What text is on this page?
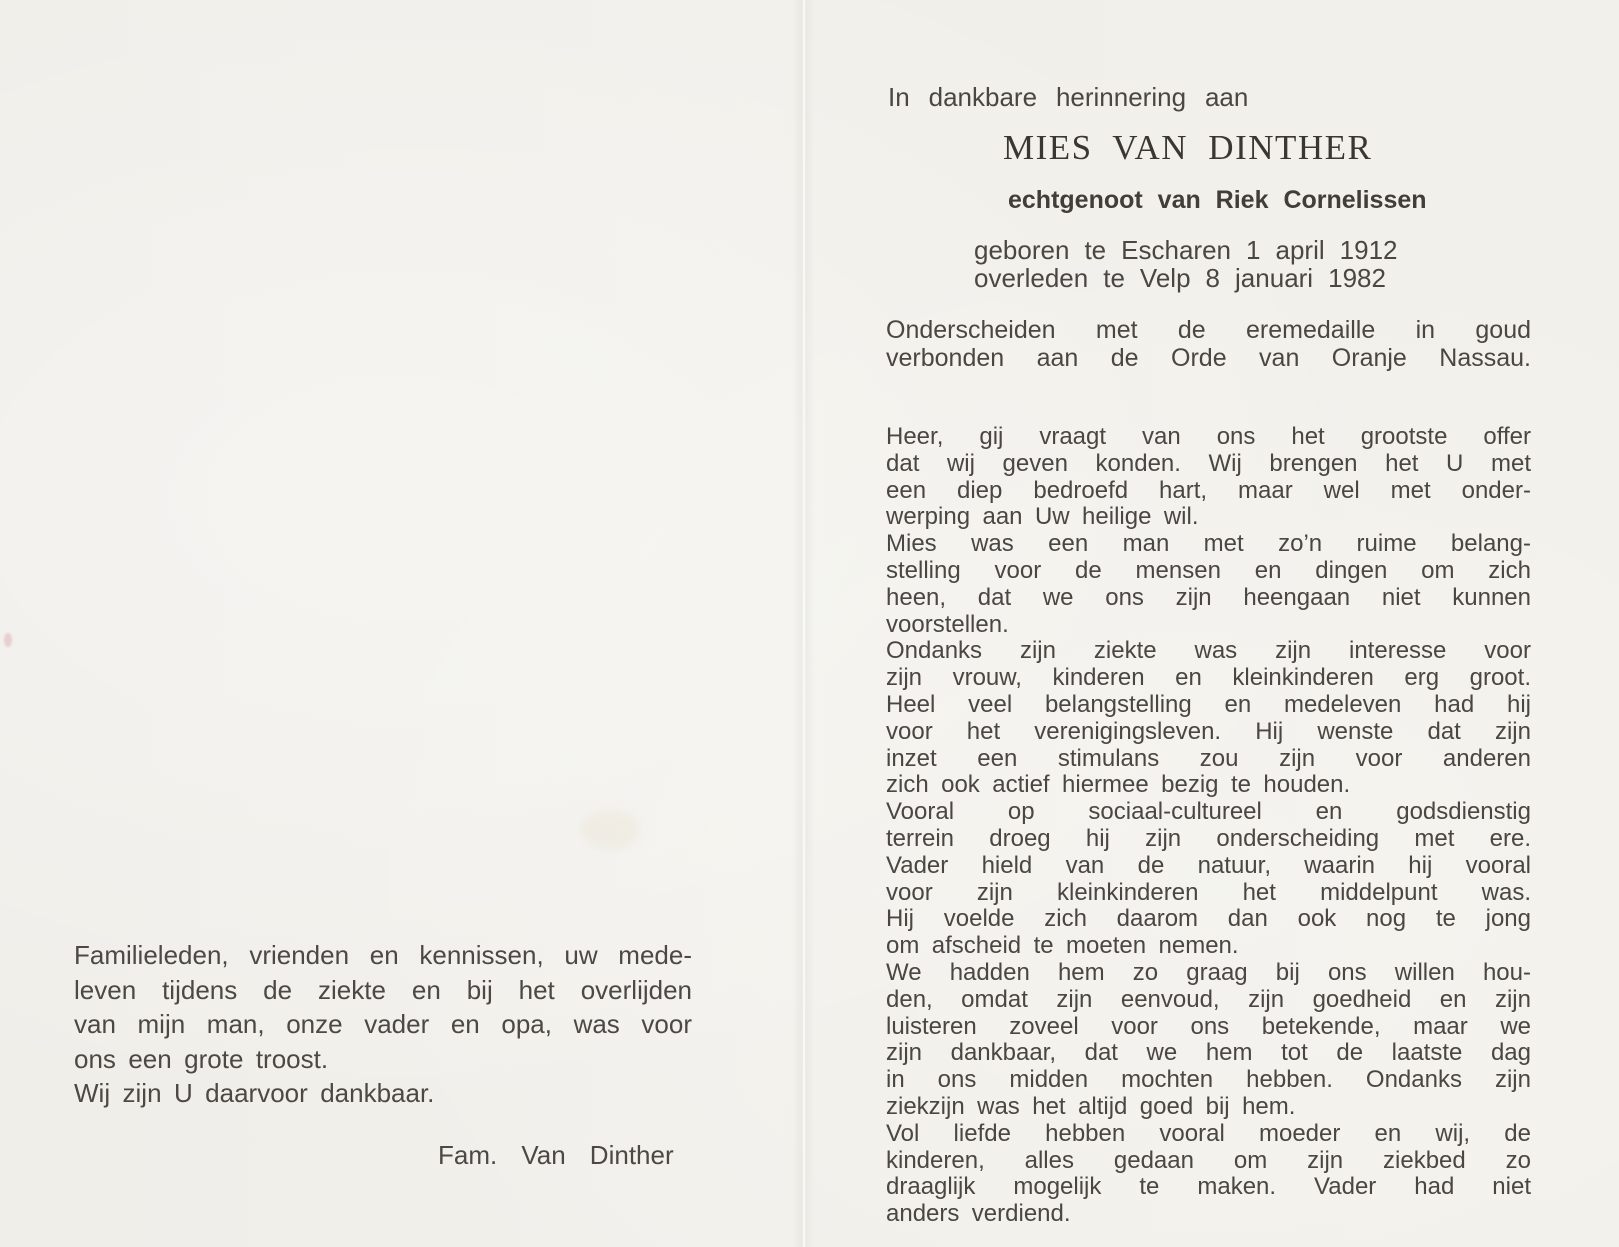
Familieleden, vrienden en kennissen, uw mede-
leven tijdens de ziekte en bij het overlijden
van mijn man, onze vader en opa, was voor
ons een grote troost.
Wij zijn U daarvoor dankbaar.
Fam. Van Dinther
In dankbare herinnering aan
MIES VAN DINTHER
echtgenoot van Riek Cornelissen
geboren te Escharen 1 april 1912
overleden te Velp 8 januari 1982
Onderscheiden met de eremedaille in goud
verbonden aan de Orde van Oranje Nassau.
Heer, gij vraagt van ons het grootste offer
dat wij geven konden. Wij brengen het U met
een diep bedroefd hart, maar wel met onder-
werping aan Uw heilige wil.
Mies was een man met zo’n ruime belang-
stelling voor de mensen en dingen om zich
heen, dat we ons zijn heengaan niet kunnen
voorstellen.
Ondanks zijn ziekte was zijn interesse voor
zijn vrouw, kinderen en kleinkinderen erg groot.
Heel veel belangstelling en medeleven had hij
voor het verenigingsleven. Hij wenste dat zijn
inzet een stimulans zou zijn voor anderen
zich ook actief hiermee bezig te houden.
Vooral op sociaal-cultureel en godsdienstig
terrein droeg hij zijn onderscheiding met ere.
Vader hield van de natuur, waarin hij vooral
voor zijn kleinkinderen het middelpunt was.
Hij voelde zich daarom dan ook nog te jong
om afscheid te moeten nemen.
We hadden hem zo graag bij ons willen hou-
den, omdat zijn eenvoud, zijn goedheid en zijn
luisteren zoveel voor ons betekende, maar we
zijn dankbaar, dat we hem tot de laatste dag
in ons midden mochten hebben. Ondanks zijn
ziekzijn was het altijd goed bij hem.
Vol liefde hebben vooral moeder en wij, de
kinderen, alles gedaan om zijn ziekbed zo
draaglijk mogelijk te maken. Vader had niet
anders verdiend.
